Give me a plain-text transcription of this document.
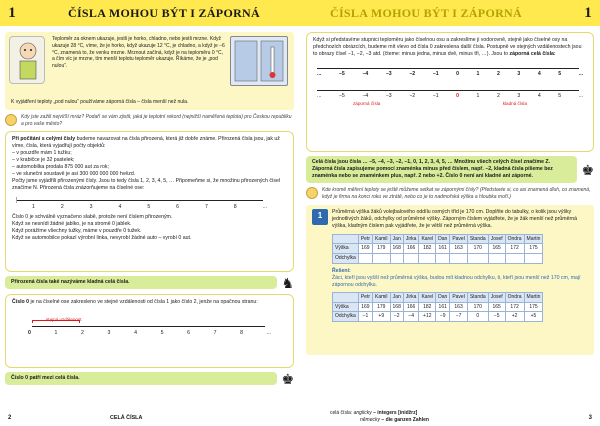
1	ČÍSLA MOHOU BÝT I ZÁPORNÁ
Teploměr za oknem ukazuje, jestli je horko, chladno, nebo jestli mrzne. Když ukazuje 28 °C, víme, že je horko, když ukazuje 12 °C, je chladno, a když je −6 °C, znamená to, že venku mrzne. Mrznout začíná, když je na teploměru 0 °C, a čím víc je mrzne, tím menší teplotu teploměr ukazuje. Říkáme, že je „pod nulou“.
K vyjádření teploty „pod nulou“ používáme záporná čísla – čísla menší než nula.
Kdy jste zažili nejvíťší mráz? Podaří se vám zjistit, jaká je teplotní rekord (nejnižší naměřená teplota) pro Českou republiku a pro vaše město?
Při počítání s celými čísly budeme navazovat na čísla přirozená, která již dobře známe. Přirozená čísla jsou, jak už víme, čísla, která vyjadřují počty objektů:
– v pouzdře mám 1 tužku;
– v krabičce je 32 pastelek;
– automobilka prodala 875 000 aut za rok;
– ve slunečni soustavě je asi 300 000 000 000 hvězd.
Počty jsme vyjádřili přirozenými čísly. Jsou to tedy čísla 1, 2, 3, 4, 5, … Připomeňme si, že množinu přirozených čísel značíme N. Přirozená čísla znázorňujeme na číselné ose:
1	2	3	4	5	6	7	8	...
Číslo 0 je schválně vyznačeno slabě, protože není číslem přirozeným.
Když se nesnídi žádné jablko, je na stromě 0 jablek.
Když porážíme všechny tužky, máme v pouzdře 0 tužek.
Když se automobilce pokazí výrobní linka, nevyrobí žádné auto – vyrobí 0 aut.
Přirozená čísla také nazýváme kladná celá čísla.	♞
Číslo 0 je na číselné ose zakresleno ve stejné vzdálenosti od čísla 1 jako číslo 2, jenže na opačnou stranu:
stejná vzdálenost
0	1	2	3	4	5	6	7	8	...
Číslo 0 patří mezi celá čísla.	♚
2	CELÁ ČÍSLA
ČÍSLA MOHOU BÝT I ZÁPORNÁ	1
Když si představíme stupnici teploměru jako číselnou osu a zakreslíme ji vodorovně, stejně jako číselné osy na předchozích obrázcích, budeme mít vlevo od čísla 0 zakreslena další čísla. Postupně ve stejných vzdálenostech jsou to obrazy čísel −1, −2, −3 atd. (čteme: minus jedna, minus dvě, minus tři, …). Jsou to záporná celá čísla:
...	−5	−4	−3	−2	−1	0	1	2	3	4	5	...
...	−5	−4	−3	−2	−1	0	1	2	3	4	5	...
záporná čísla	kladná čísla
Celá čísla jsou čísla … −5, −4, −3, −2, −1, 0, 1, 2, 3, 4, 5, … Množinu všech celých čísel značíme Z. Záporná čísla zapisujeme pomocí znaménka minus před číslem, např. −2, kladná čísla píšeme bez znaménka nebo se znaménkem plus, např. 2 nebo +2. Číslo 0 není ani kladné ani záporné.	♚
Kde kromě měření teploty se ještě můžeme setkat se zápornými čísly? (Představte si, co asi znamená dluh, co znamená, když je firma na konci roku ve ztrátě, nebo co je to nadmořská výška a hloubka moří.)
1	Průměrná výška žáků volejbalového oddílu osmých tříd je 170 cm. Doplňte do tabulky, o kolik jsou výšky jednotlivých žáků, odchylky od průměrné výšky. Záporným číslem vyjádřete, že je žák menší než průměrná výška, kladným číslem pak vyjádřete, že je větší než průměrná výška.
	Petr	Kamil	Jan	Jirka	Karel	Dan	Pavel	Standa	Josef	Ondra	Martin
Výška	169	179	168	166	182	161	163	170	165	172	175
Odchylka											
Řešení:
Žáci, kteří jsou vyšší než průměrná výška, budou mít kladnou odchylku, ti, kteří jsou menší než 170 cm, mají zápornou odchylku.
	Petr	Kamil	Jan	Jirka	Karel	Dan	Pavel	Standa	Josef	Ondra	Martin
Výška	169	179	168	166	182	161	163	170	165	172	175
Odchylka	−1	+9	−2	−4	+12	−9	−7	0	−5	+2	+5
celá čísla: anglicky – integers [inidžrz]
německy – die ganzen Zahlen	3
